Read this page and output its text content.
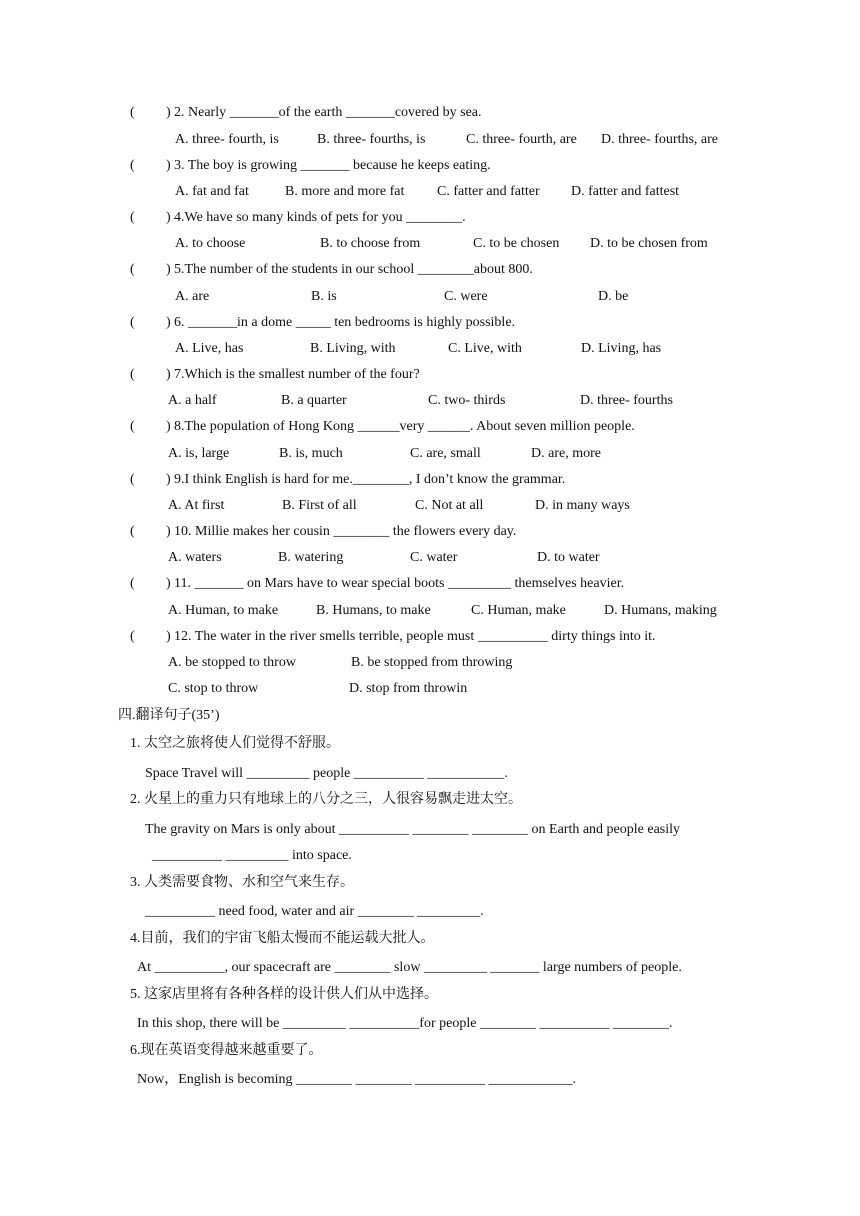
( ) 2. Nearly _______of the earth _______covered by sea.
A. three- fourth, is	B. three- fourths, is	C. three- fourth, are D. three- fourths, are
( ) 3. The boy is growing _______ because he keeps eating.
A. fat and fat	B. more and more fat C. fatter and fatter D. fatter and fattest
( ) 4.We have so many kinds of pets for you ________.
A. to choose	B. to choose from	C. to be chosen D. to be chosen from
( ) 5.The number of the students in our school ________about 800.
A. are	B. is	C. were	D. be
( ) 6. _______in a dome _____ ten bedrooms is highly possible.
A. Live, has	B. Living, with	C. Live, with	D. Living, has
( ) 7.Which is the smallest number of the four?
A. a half	B. a quarter	C. two- thirds	D. three- fourths
( ) 8.The population of Hong Kong ______very ______. About seven million people.
A. is, large	B. is, much	C. are, small	D. are, more
( ) 9.I think English is hard for me.________, I don’t know the grammar.
A. At first	B. First of all	C. Not at all	D. in many ways
( ) 10. Millie makes her cousin ________ the flowers every day.
A. waters	B. watering	C. water	D. to water
( ) 11. _______ on Mars have to wear special boots _________ themselves heavier.
A. Human, to make	B. Humans, to make	C. Human, make	D. Humans, making
( ) 12. The water in the river smells terrible, people must __________ dirty things into it.
A. be stopped to throw	B. be stopped from throwing
C. stop to throw	D. stop from throwin
四.翻译句子(35’)
1. 太空之旅将使人们觉得不舒服。
Space Travel will _________ people __________ ___________.
2. 火星上的重力只有地球上的八分之三，人很容易飘走进太空。
The gravity on Mars is only about __________ ________ ________ on Earth and people easily
__________ _________ into space.
3. 人类需要食物、水和空气来生存。
__________ need food, water and air ________ _________.
4.目前，我们的宇宙飞船太慢而不能运载大批人。
At __________, our spacecraft are ________ slow _________ _______ large numbers of people.
5. 这家店里将有各种各样的设计供人们从中选择。
In this shop, there will be _________ __________for people ________ __________ ________.
6.现在英语变得越来越重要了。
Now，English is becoming ________ ________ __________ ____________.
